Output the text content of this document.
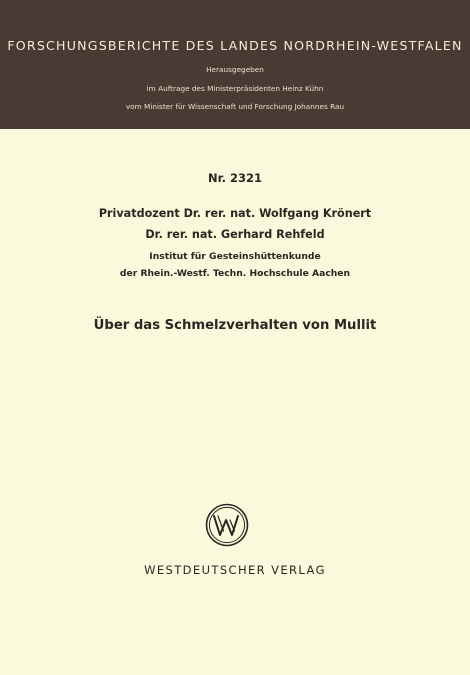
FORSCHUNGSBERICHTE DES LANDES NORDRHEIN-WESTFALEN
Herausgegeben
im Auftrage des Ministerpräsidenten Heinz Kühn
vom Minister für Wissenschaft und Forschung Johannes Rau
Nr. 2321
Privatdozent Dr. rer. nat. Wolfgang Krönert
Dr. rer. nat. Gerhard Rehfeld
Institut für Gesteinshüttenkunde
der Rhein.-Westf. Techn. Hochschule Aachen
Über das Schmelzverhalten von Mullit
WESTDEUTSCHER VERLAG
